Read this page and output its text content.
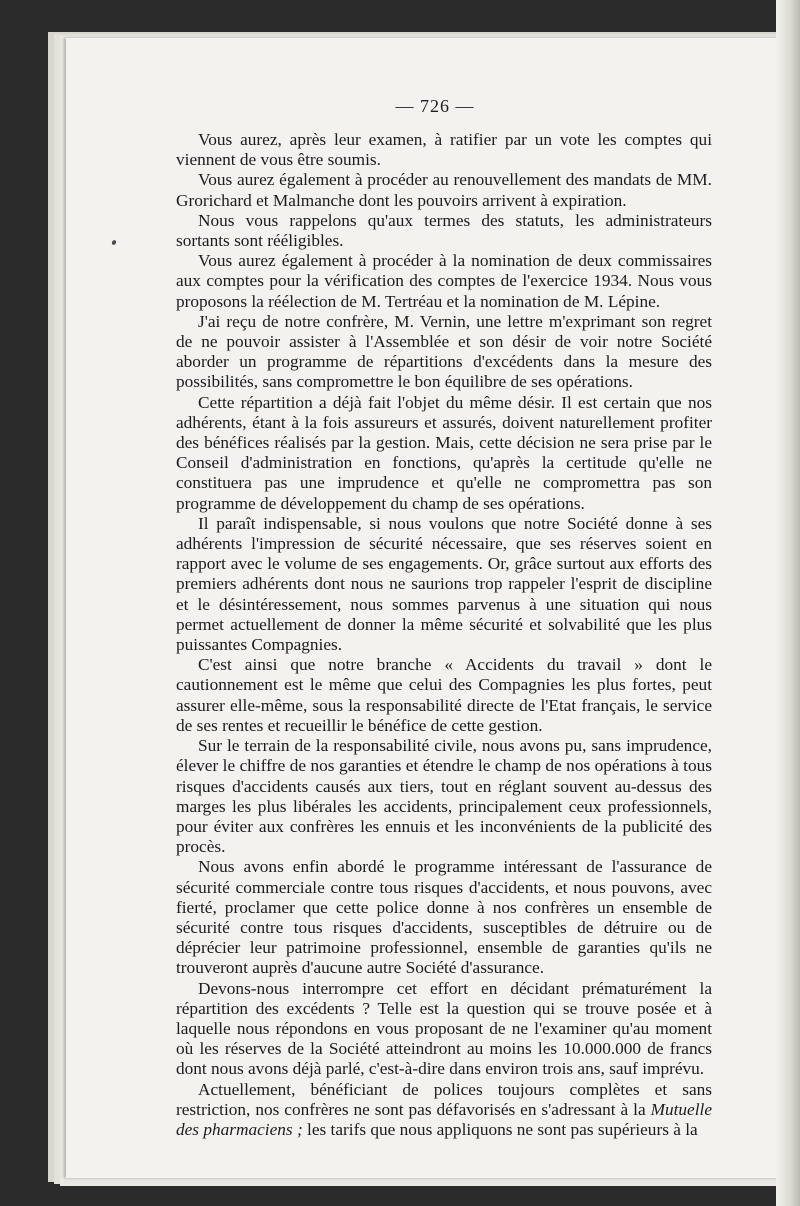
— 726 —

Vous aurez, après leur examen, à ratifier par un vote les comptes qui viennent de vous être soumis.

Vous aurez également à procéder au renouvellement des mandats de MM. Grorichard et Malmanche dont les pouvoirs arrivent à expiration.

Nous vous rappelons qu'aux termes des statuts, les administrateurs sortants sont rééligibles.

Vous aurez également à procéder à la nomination de deux commissaires aux comptes pour la vérification des comptes de l'exercice 1934. Nous vous proposons la réélection de M. Tertréau et la nomination de M. Lépine.

J'ai reçu de notre confrère, M. Vernin, une lettre m'exprimant son regret de ne pouvoir assister à l'Assemblée et son désir de voir notre Société aborder un programme de répartitions d'excédents dans la mesure des possibilités, sans compromettre le bon équilibre de ses opérations.

Cette répartition a déjà fait l'objet du même désir. Il est certain que nos adhérents, étant à la fois assureurs et assurés, doivent naturellement profiter des bénéfices réalisés par la gestion. Mais, cette décision ne sera prise par le Conseil d'administration en fonctions, qu'après la certitude qu'elle ne constituera pas une imprudence et qu'elle ne compromettra pas son programme de développement du champ de ses opérations.

Il paraît indispensable, si nous voulons que notre Société donne à ses adhérents l'impression de sécurité nécessaire, que ses réserves soient en rapport avec le volume de ses engagements. Or, grâce surtout aux efforts des premiers adhérents dont nous ne saurions trop rappeler l'esprit de discipline et le désintéressement, nous sommes parvenus à une situation qui nous permet actuellement de donner la même sécurité et solvabilité que les plus puissantes Compagnies.

C'est ainsi que notre branche « Accidents du travail » dont le cautionnement est le même que celui des Compagnies les plus fortes, peut assurer elle-même, sous la responsabilité directe de l'Etat français, le service de ses rentes et recueillir le bénéfice de cette gestion.

Sur le terrain de la responsabilité civile, nous avons pu, sans imprudence, élever le chiffre de nos garanties et étendre le champ de nos opérations à tous risques d'accidents causés aux tiers, tout en réglant souvent au-dessus des marges les plus libérales les accidents, principalement ceux professionnels, pour éviter aux confrères les ennuis et les inconvénients de la publicité des procès.

Nous avons enfin abordé le programme intéressant de l'assurance de sécurité commerciale contre tous risques d'accidents, et nous pouvons, avec fierté, proclamer que cette police donne à nos confrères un ensemble de sécurité contre tous risques d'accidents, susceptibles de détruire ou de déprécier leur patrimoine professionnel, ensemble de garanties qu'ils ne trouveront auprès d'aucune autre Société d'assurance.

Devons-nous interrompre cet effort en décidant prématurément la répartition des excédents ? Telle est la question qui se trouve posée et à laquelle nous répondons en vous proposant de ne l'examiner qu'au moment où les réserves de la Société atteindront au moins les 10.000.000 de francs dont nous avons déjà parlé, c'est-à-dire dans environ trois ans, sauf imprévu.

Actuellement, bénéficiant de polices toujours complètes et sans restriction, nos confrères ne sont pas défavorisés en s'adressant à la Mutuelle des pharmaciens ; les tarifs que nous appliquons ne sont pas supérieurs à la
